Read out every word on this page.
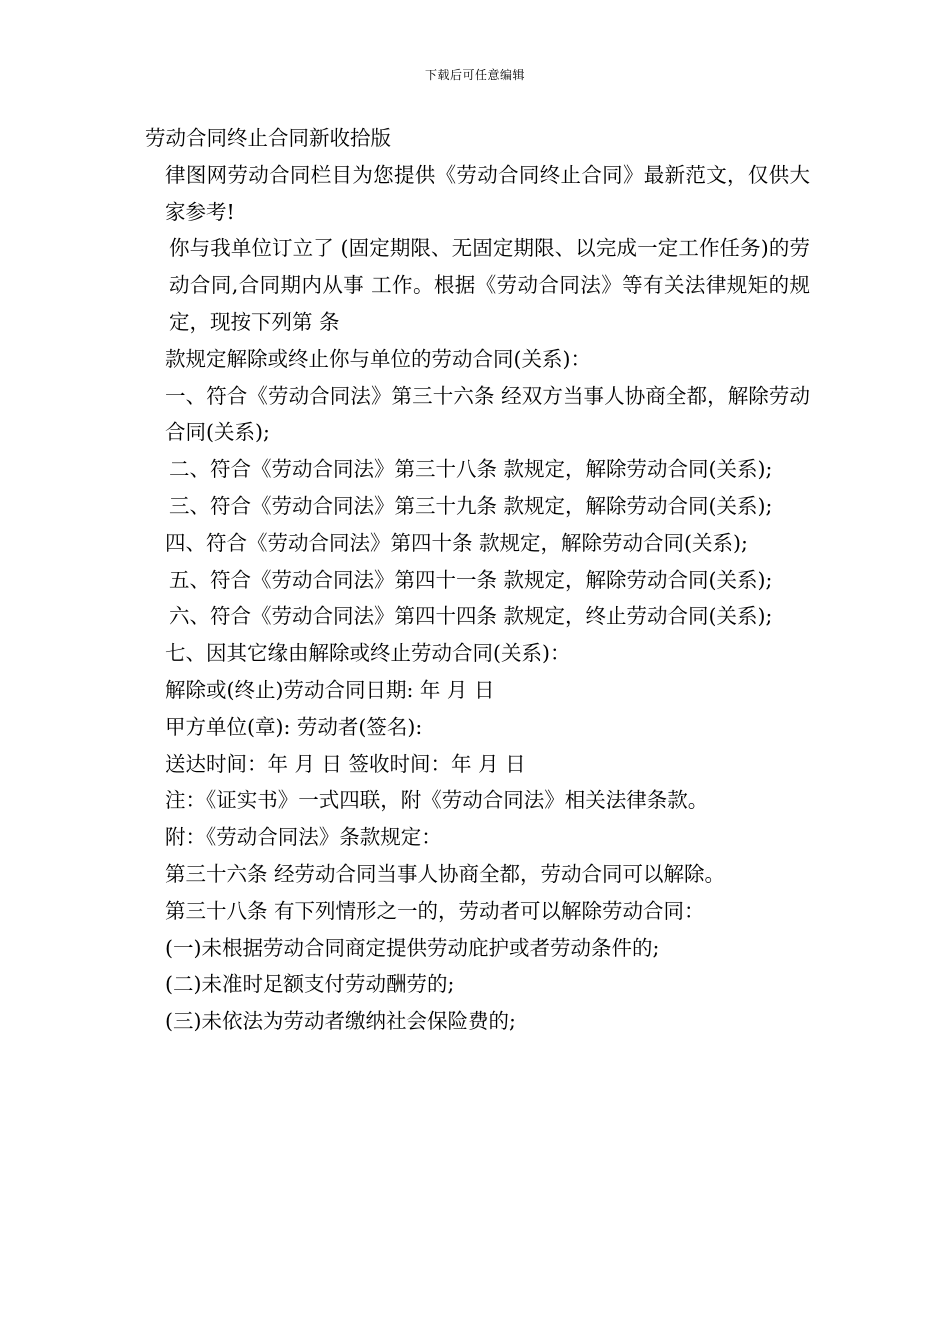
下载后可任意编辑

劳动合同终止合同新收拾版

律图网劳动合同栏目为您提供《劳动合同终止合同》最新范文，仅供大家参考!

你与我单位订立了 (固定期限、无固定期限、以完成一定工作任务)的劳动合同,合同期内从事 工作。根据《劳动合同法》等有关法律规矩的规定，现按下列第 条

款规定解除或终止你与单位的劳动合同(关系)：

一、符合《劳动合同法》第三十六条 经双方当事人协商全都，解除劳动合同(关系);

二、符合《劳动合同法》第三十八条 款规定，解除劳动合同(关系);

三、符合《劳动合同法》第三十九条 款规定，解除劳动合同(关系);

四、符合《劳动合同法》第四十条 款规定，解除劳动合同(关系);

五、符合《劳动合同法》第四十一条 款规定，解除劳动合同(关系);

六、符合《劳动合同法》第四十四条 款规定，终止劳动合同(关系);

七、因其它缘由解除或终止劳动合同(关系)：

解除或(终止)劳动合同日期: 年 月 日

甲方单位(章): 劳动者(签名):

送达时间：年 月 日 签收时间：年 月 日

注：《证实书》一式四联，附《劳动合同法》相关法律条款。

附：《劳动合同法》条款规定：

第三十六条 经劳动合同当事人协商全都，劳动合同可以解除。

第三十八条 有下列情形之一的，劳动者可以解除劳动合同：

(一)未根据劳动合同商定提供劳动庇护或者劳动条件的;

(二)未准时足额支付劳动酬劳的;

(三)未依法为劳动者缴纳社会保险费的;
